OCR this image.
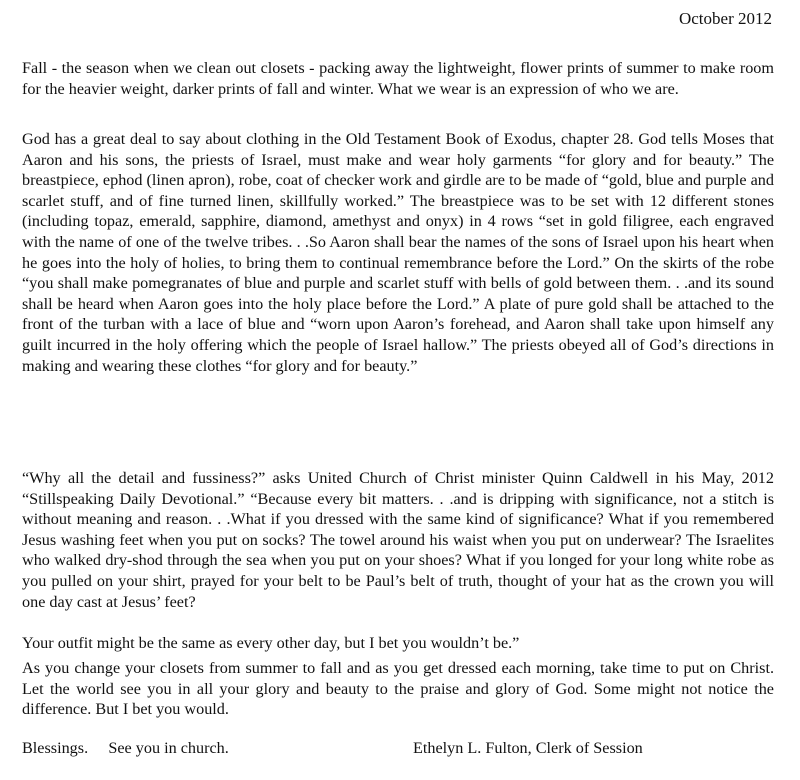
October 2012

Fall - the season when we clean out closets - packing away the lightweight, flower prints of summer to make room for the heavier weight, darker prints of fall and winter. What we wear is an expression of who we are.

God has a great deal to say about clothing in the Old Testament Book of Exodus, chapter 28. God tells Moses that Aaron and his sons, the priests of Israel, must make and wear holy garments “for glory and for beauty.” The breastpiece, ephod (linen apron), robe, coat of checker work and girdle are to be made of “gold, blue and purple and scarlet stuff, and of fine turned linen, skillfully worked.” The breastpiece was to be set with 12 different stones (including topaz, emerald, sapphire, diamond, amethyst and onyx) in 4 rows “set in gold filigree, each engraved with the name of one of the twelve tribes. . .So Aaron shall bear the names of the sons of Israel upon his heart when he goes into the holy of holies, to bring them to continual remembrance before the Lord.” On the skirts of the robe “you shall make pomegranates of blue and purple and scarlet stuff with bells of gold between them. . .and its sound shall be heard when Aaron goes into the holy place before the Lord.” A plate of pure gold shall be attached to the front of the turban with a lace of blue and “worn upon Aaron’s forehead, and Aaron shall take upon himself any guilt incurred in the holy offering which the people of Israel hallow.” The priests obeyed all of God’s directions in making and wearing these clothes “for glory and for beauty.”

“Why all the detail and fussiness?” asks United Church of Christ minister Quinn Caldwell in his May, 2012 “Stillspeaking Daily Devotional.” “Because every bit matters. . .and is dripping with significance, not a stitch is without meaning and reason. . .What if you dressed with the same kind of significance? What if you remembered Jesus washing feet when you put on socks? The towel around his waist when you put on underwear? The Israelites who walked dry-shod through the sea when you put on your shoes? What if you longed for your long white robe as you pulled on your shirt, prayed for your belt to be Paul’s belt of truth, thought of your hat as the crown you will one day cast at Jesus’ feet?

Your outfit might be the same as every other day, but I bet you wouldn’t be.”

As you change your closets from summer to fall and as you get dressed each morning, take time to put on Christ. Let the world see you in all your glory and beauty to the praise and glory of God. Some might not notice the difference. But I bet you would.

Blessings.     See you in church.	Ethelyn L. Fulton, Clerk of Session
